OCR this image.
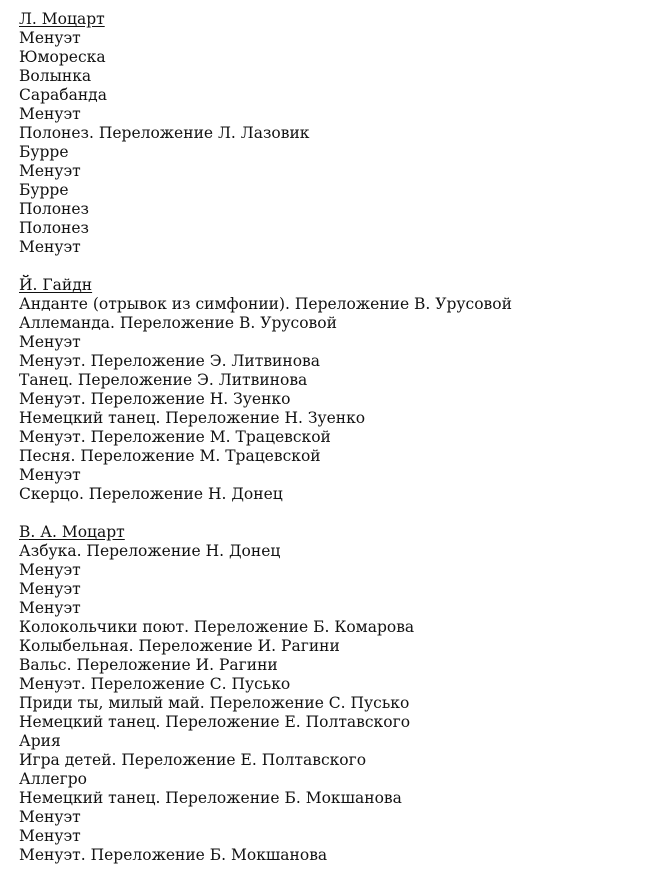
Л. Моцарт
Менуэт
Юмореска
Волынка
Сарабанда
Менуэт
Полонез. Переложение Л. Лазовик
Бурре
Менуэт
Бурре
Полонез
Полонез
Менуэт
Й. Гайдн
Анданте (отрывок из симфонии). Переложение В. Урусовой
Аллеманда. Переложение В. Урусовой
Менуэт
Менуэт. Переложение Э. Литвинова
Танец. Переложение Э. Литвинова
Менуэт. Переложение Н. Зуенко
Немецкий танец. Переложение Н. Зуенко
Менуэт. Переложение М. Трацевской
Песня. Переложение М. Трацевской
Менуэт
Скерцо. Переложение Н. Донец
В. А. Моцарт
Азбука. Переложение Н. Донец
Менуэт
Менуэт
Менуэт
Колокольчики поют. Переложение Б. Комарова
Колыбельная. Переложение И. Рагини
Вальс. Переложение И. Рагини
Менуэт. Переложение С. Пусько
Приди ты, милый май. Переложение С. Пусько
Немецкий танец. Переложение Е. Полтавского
Ария
Игра детей. Переложение Е. Полтавского
Аллегро
Немецкий танец. Переложение Б. Мокшанова
Менуэт
Менуэт
Менуэт. Переложение Б. Мокшанова
